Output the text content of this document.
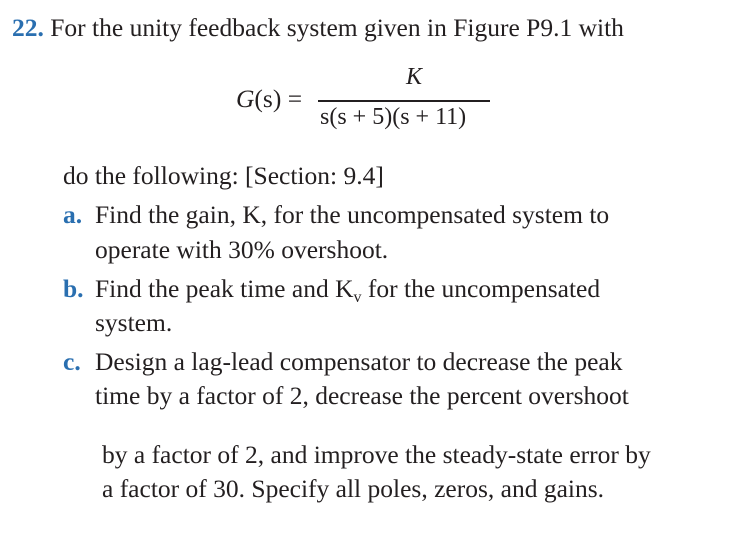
22. For the unity feedback system given in Figure P9.1 with
G(s) =
K
s(s + 5)(s + 11)
do the following: [Section: 9.4]
a. Find the gain, K, for the uncompensated system to
operate with 30% overshoot.
b. Find the peak time and $K_v$ for the uncompensated
system.
c. Design a lag-lead compensator to decrease the peak
time by a factor of 2, decrease the percent overshoot
by a factor of 2, and improve the steady-state error by
a factor of 30. Specify all poles, zeros, and gains.
